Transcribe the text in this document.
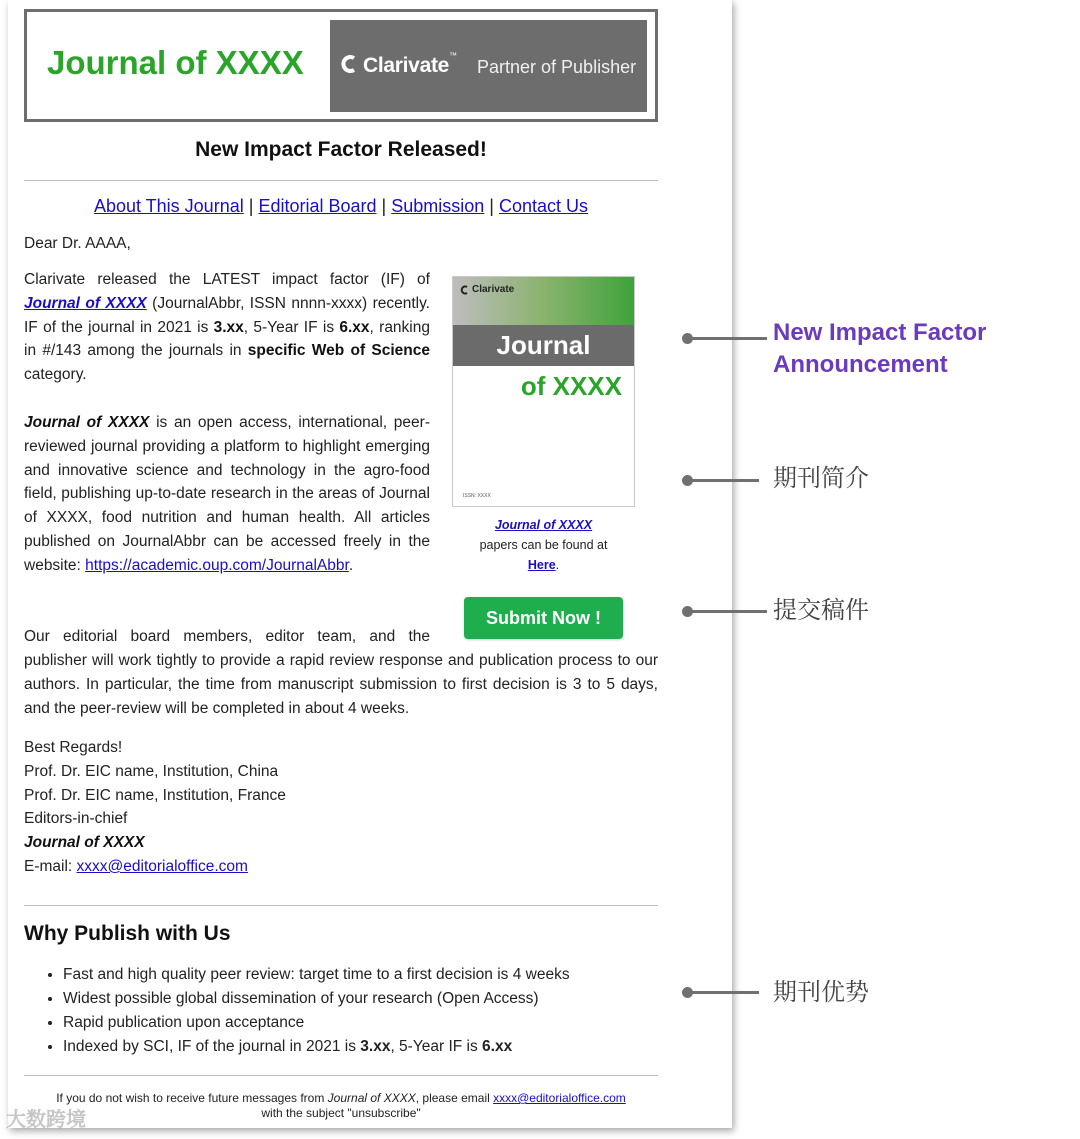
Journal of XXXX	Clarivate ™
Partner of Publisher
New Impact Factor Released!
About This Journal | Editorial Board | Submission | Contact Us
Dear Dr. AAAA,
Clarivate released the LATEST impact factor (IF) of Journal of XXXX (JournalAbbr, ISSN nnnn-xxxx) recently. IF of the journal in 2021 is 3.xx, 5-Year IF is 6.xx, ranking in #/143 among the journals in specific Web of Science category.
Journal of XXXX is an open access, international, peer-reviewed journal providing a platform to highlight emerging and innovative science and technology in the agro-food field, publishing up-to-date research in the areas of Journal of XXXX, food nutrition and human health. All articles published on JournalAbbr can be accessed freely in the website: https://academic.oup.com/JournalAbbr.
Our editorial board members, editor team, and the
publisher will work tightly to provide a rapid review response and publication process to our authors. In particular, the time from manuscript submission to first decision is 3 to 5 days, and the peer-review will be completed in about 4 weeks.
Best Regards!
Prof. Dr. EIC name, Institution, China
Prof. Dr. EIC name, Institution, France
Editors-in-chief
Journal of XXXX
E-mail: xxxx@editorialoffice.com
Clarivate
Journal
of XXXX
ISSN: XXXX
Journal of XXXX
papers can be found at
Here.
Submit Now !
Why Publish with Us
• Fast and high quality peer review: target time to a first decision is 4 weeks
• Widest possible global dissemination of your research (Open Access)
• Rapid publication upon acceptance
• Indexed by SCI, IF of the journal in 2021 is 3.xx, 5-Year IF is 6.xx
If you do not wish to receive future messages from Journal of XXXX, please email xxxx@editorialoffice.com
with the subject "unsubscribe"
New Impact Factor
Announcement
期刊简介
提交稿件
期刊优势
大数跨境
